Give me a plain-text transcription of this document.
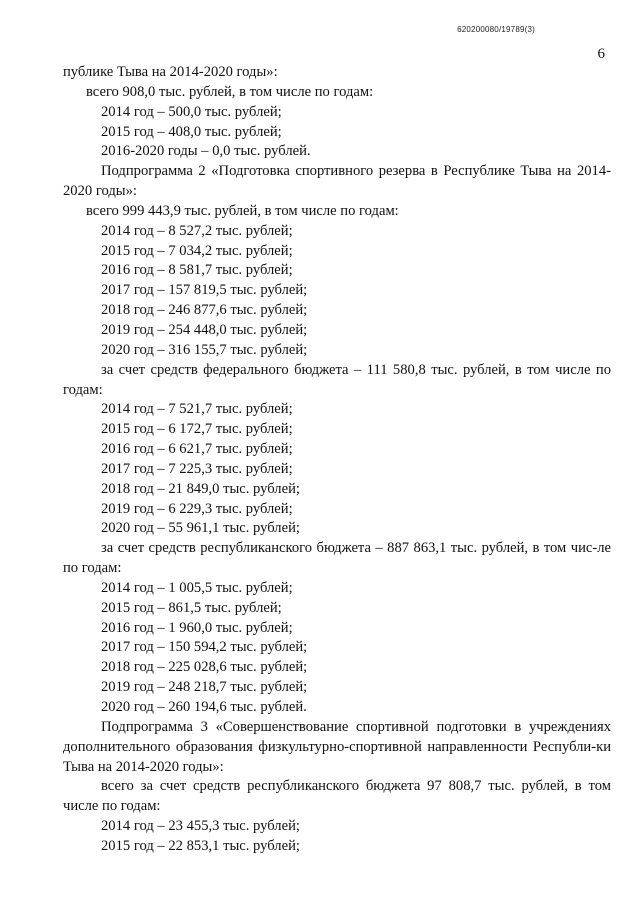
620200080/19789(3)
6
публике Тыва на 2014-2020 годы»:
всего 908,0 тыс. рублей, в том числе по годам:
2014 год – 500,0 тыс. рублей;
2015 год – 408,0 тыс. рублей;
2016-2020 годы – 0,0 тыс. рублей.

Подпрограмма 2 «Подготовка спортивного резерва в Республике Тыва на 2014-2020 годы»:

всего 999 443,9 тыс. рублей, в том числе по годам:
2014 год – 8 527,2 тыс. рублей;
2015 год – 7 034,2 тыс. рублей;
2016 год – 8 581,7 тыс. рублей;
2017 год – 157 819,5 тыс. рублей;
2018 год – 246 877,6 тыс. рублей;
2019 год – 254 448,0 тыс. рублей;
2020 год – 316 155,7 тыс. рублей;

за счет средств федерального бюджета – 111 580,8 тыс. рублей, в том числе по годам:

2014 год – 7 521,7 тыс. рублей;
2015 год – 6 172,7 тыс. рублей;
2016 год – 6 621,7 тыс. рублей;
2017 год – 7 225,3 тыс. рублей;
2018 год – 21 849,0 тыс. рублей;
2019 год – 6 229,3 тыс. рублей;
2020 год – 55 961,1 тыс. рублей;

за счет средств республиканского бюджета – 887 863,1 тыс. рублей, в том чис-ле по годам:

2014 год – 1 005,5 тыс. рублей;
2015 год – 861,5 тыс. рублей;
2016 год – 1 960,0 тыс. рублей;
2017 год – 150 594,2 тыс. рублей;
2018 год – 225 028,6 тыс. рублей;
2019 год – 248 218,7 тыс. рублей;
2020 год – 260 194,6 тыс. рублей.

Подпрограмма 3 «Совершенствование спортивной подготовки в учреждениях дополнительного образования физкультурно-спортивной направленности Республи-ки Тыва на 2014-2020 годы»:

всего за счет средств республиканского бюджета 97 808,7 тыс. рублей, в том числе по годам:

2014 год – 23 455,3 тыс. рублей;
2015 год – 22 853,1 тыс. рублей;
